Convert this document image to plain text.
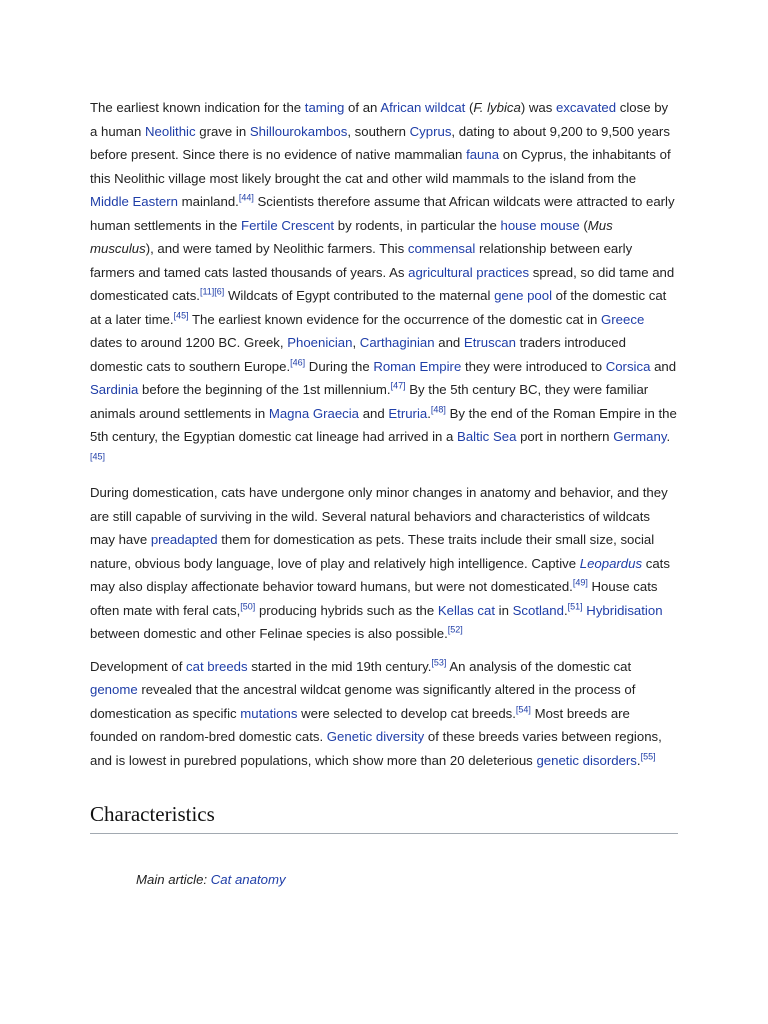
The earliest known indication for the taming of an African wildcat (F. lybica) was excavated close by a human Neolithic grave in Shillourokambos, southern Cyprus, dating to about 9,200 to 9,500 years before present. Since there is no evidence of native mammalian fauna on Cyprus, the inhabitants of this Neolithic village most likely brought the cat and other wild mammals to the island from the Middle Eastern mainland.[44] Scientists therefore assume that African wildcats were attracted to early human settlements in the Fertile Crescent by rodents, in particular the house mouse (Mus musculus), and were tamed by Neolithic farmers. This commensal relationship between early farmers and tamed cats lasted thousands of years. As agricultural practices spread, so did tame and domesticated cats.[11][6] Wildcats of Egypt contributed to the maternal gene pool of the domestic cat at a later time.[45] The earliest known evidence for the occurrence of the domestic cat in Greece dates to around 1200 BC. Greek, Phoenician, Carthaginian and Etruscan traders introduced domestic cats to southern Europe.[46] During the Roman Empire they were introduced to Corsica and Sardinia before the beginning of the 1st millennium.[47] By the 5th century BC, they were familiar animals around settlements in Magna Graecia and Etruria.[48] By the end of the Roman Empire in the 5th century, the Egyptian domestic cat lineage had arrived in a Baltic Sea port in northern Germany.[45]

During domestication, cats have undergone only minor changes in anatomy and behavior, and they are still capable of surviving in the wild. Several natural behaviors and characteristics of wildcats may have preadapted them for domestication as pets. These traits include their small size, social nature, obvious body language, love of play and relatively high intelligence. Captive Leopardus cats may also display affectionate behavior toward humans, but were not domesticated.[49] House cats often mate with feral cats,[50] producing hybrids such as the Kellas cat in Scotland.[51] Hybridisation between domestic and other Felinae species is also possible.[52]

Development of cat breeds started in the mid 19th century.[53] An analysis of the domestic cat genome revealed that the ancestral wildcat genome was significantly altered in the process of domestication as specific mutations were selected to develop cat breeds.[54] Most breeds are founded on random-bred domestic cats. Genetic diversity of these breeds varies between regions, and is lowest in purebred populations, which show more than 20 deleterious genetic disorders.[55]

Characteristics
Main article: Cat anatomy
